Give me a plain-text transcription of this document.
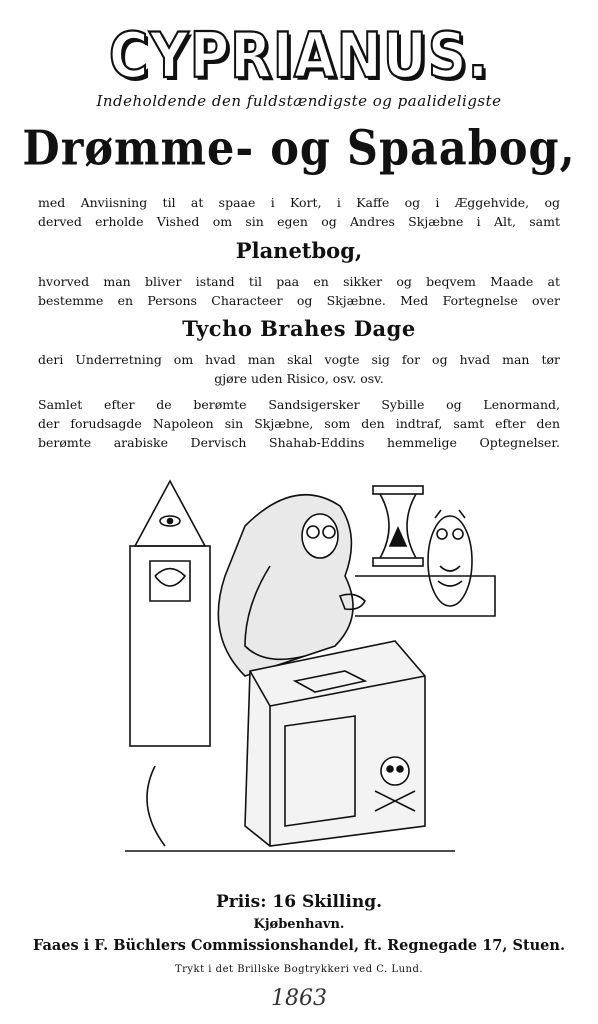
CYPRIANUS.
Indeholdende den fuldstændigste og paalideligste
Drømme- og Spaabog,
med Anviisning til at spaae i Kort, i Kaffe og i Æggehvide, og
derved erholde Vished om sin egen og Andres Skjæbne i Alt, samt
Planetbog,
hvorved man bliver istand til paa en sikker og beqvem Maade at
bestemme en Persons Characteer og Skjæbne. Med Fortegnelse over
Tycho Brahes Dage
deri Underretning om hvad man skal vogte sig for og hvad man tør
gjøre uden Risico, osv. osv.
Samlet efter de berømte Sandsigersker Sybille og Lenormand,
der forudsagde Napoleon sin Skjæbne, som den indtraf, samt efter den
berømte arabiske Dervisch Shahab-Eddins hemmelige Optegnelser.
Priis: 16 Skilling.
Kjøbenhavn.
Faaes i F. Büchlers Commissionshandel, ft. Regnegade 17, Stuen.
Trykt i det Brillske Bogtrykkeri ved C. Lund.
1863
